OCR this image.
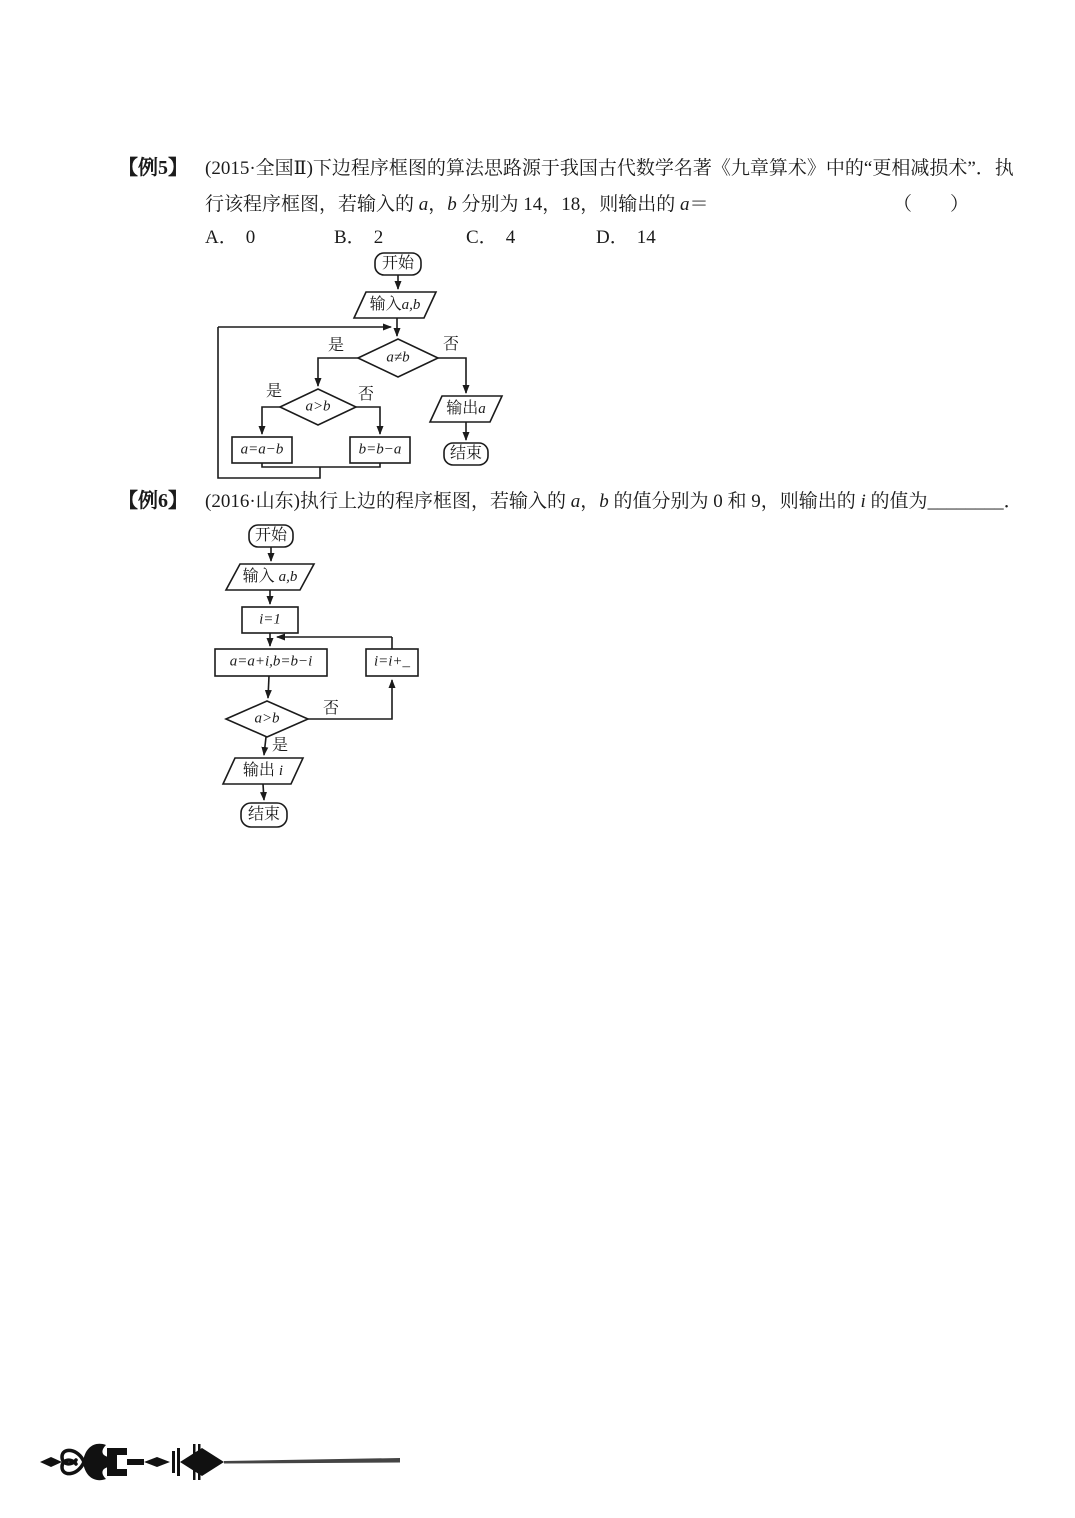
【例5】 (2015·全国Ⅱ)下边程序框图的算法思路源于我国古代数学名著《九章算术》中的“更相减损术”．执
行该程序框图，若输入的 a，b 分别为 14，18，则输出的 a＝	（　　）
A． 0	B． 2	C． 4	D． 14
开始
输入a,b
a≠b
是	否
a>b
是	否
a=a−b	b=b−a
输出a
结束
【例6】 (2016·山东)执行上边的程序框图，若输入的 a，b 的值分别为 0 和 9，则输出的 i 的值为________．
开始
输入 a,b
i=1
a=a+i,b=b−i	i=i+_
a>b
否
是
输出 i
结束
